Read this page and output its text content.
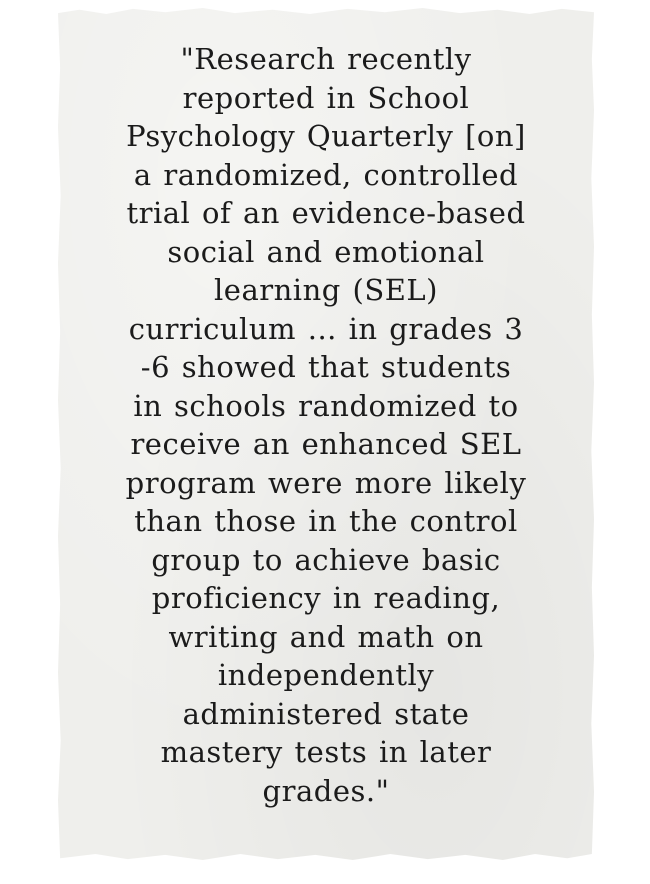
"Research recently
reported in School
Psychology Quarterly [on]
a randomized, controlled
trial of an evidence-based
social and emotional
learning (SEL)
curriculum ... in grades 3
-6 showed that students
in schools randomized to
receive an enhanced SEL
program were more likely
than those in the control
group to achieve basic
proficiency in reading,
writing and math on
independently
administered state
mastery tests in later
grades."
